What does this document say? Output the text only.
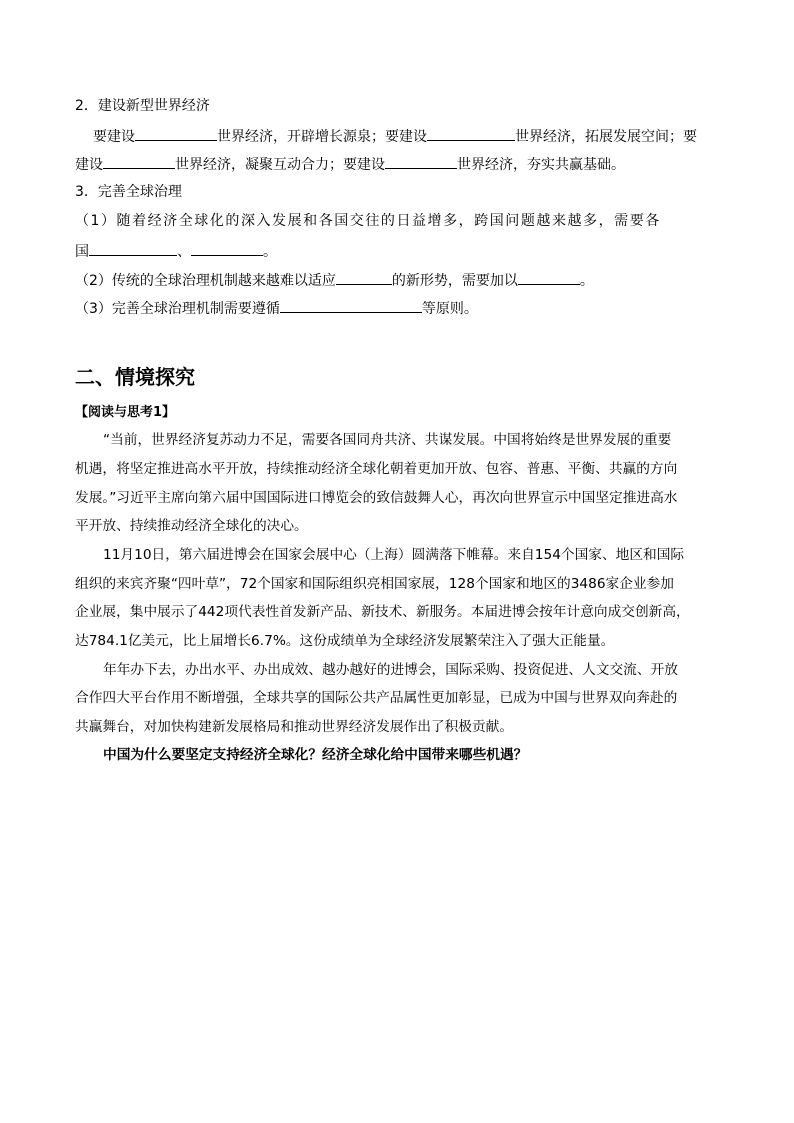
2．建设新型世界经济
要建设	世界经济，开辟增长源泉；要建设	世界经济，拓展发展空间；要
建设	世界经济，凝聚互动合力；要建设	世界经济，夯实共赢基础。
3．完善全球治理
（1）随着经济全球化的深入发展和各国交往的日益增多，跨国问题越来越多，需要各
国	、	。
（2）传统的全球治理机制越来越难以适应	的新形势，需要加以	。
（3）完善全球治理机制需要遵循	等原则。
二、情境探究
【阅读与思考1】
“当前，世界经济复苏动力不足，需要各国同舟共济、共谋发展。中国将始终是世界发展的重要
机遇，将坚定推进高水平开放，持续推动经济全球化朝着更加开放、包容、普惠、平衡、共赢的方向
发展。”习近平主席向第六届中国国际进口博览会的致信鼓舞人心，再次向世界宣示中国坚定推进高水
平开放、持续推动经济全球化的决心。
11月10日，第六届进博会在国家会展中心（上海）圆满落下帷幕。来自154个国家、地区和国际
组织的来宾齐聚“四叶草”，72个国家和国际组织亮相国家展，128个国家和地区的3486家企业参加
企业展，集中展示了442项代表性首发新产品、新技术、新服务。本届进博会按年计意向成交创新高，
达784.1亿美元，比上届增长6.7%。这份成绩单为全球经济发展繁荣注入了强大正能量。
年年办下去，办出水平、办出成效、越办越好的进博会，国际采购、投资促进、人文交流、开放
合作四大平台作用不断增强，全球共享的国际公共产品属性更加彰显，已成为中国与世界双向奔赴的
共赢舞台，对加快构建新发展格局和推动世界经济发展作出了积极贡献。
中国为什么要坚定支持经济全球化？经济全球化给中国带来哪些机遇？
